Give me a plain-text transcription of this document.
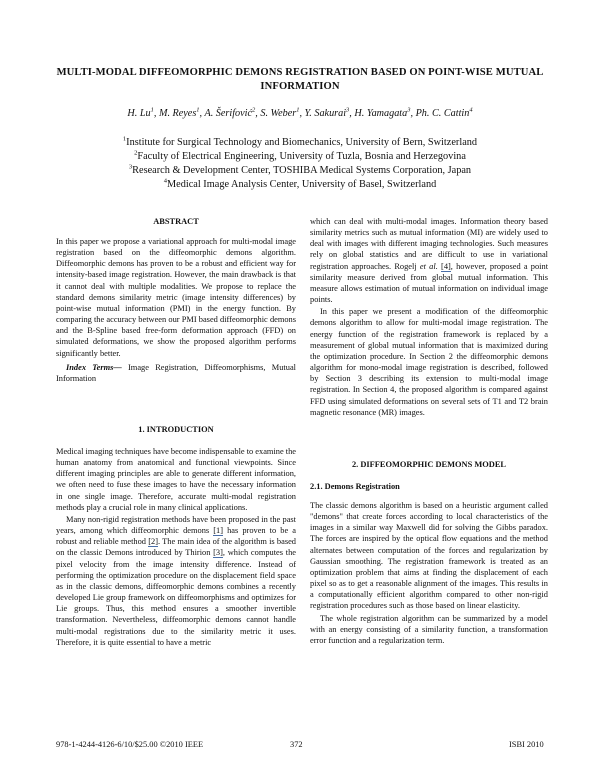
MULTI-MODAL DIFFEOMORPHIC DEMONS REGISTRATION BASED ON POINT-WISE MUTUAL INFORMATION
H. Lu$^1$, M. Reyes$^1$, A. Šerifović$^2$, S. Weber$^1$, Y. Sakurai$^3$, H. Yamagata$^3$, Ph. C. Cattin$^4$
$^1$Institute for Surgical Technology and Biomechanics, University of Bern, Switzerland
$^2$Faculty of Electrical Engineering, University of Tuzla, Bosnia and Herzegovina
$^3$Research & Development Center, TOSHIBA Medical Systems Corporation, Japan
$^4$Medical Image Analysis Center, University of Basel, Switzerland
ABSTRACT

In this paper we propose a variational approach for multi-modal image registration based on the diffeomorphic demons algorithm. Diffeomorphic demons has proven to be a robust and efficient way for intensity-based image registration. However, the main drawback is that it cannot deal with multiple modalities. We propose to replace the standard demons similarity metric (image intensity differences) by point-wise mutual information (PMI) in the energy function. By comparing the accuracy between our PMI based diffeomorphic demons and the B-Spline based free-form deformation approach (FFD) on simulated deformations, we show the proposed algorithm performs significantly better.

Index Terms— Image Registration, Diffeomorphisms, Mutual Information

1. INTRODUCTION

Medical imaging techniques have become indispensable to examine the human anatomy from anatomical and functional viewpoints. Since different imaging principles are able to generate different information, we often need to fuse these images to have the necessary information in one single image. Therefore, accurate multi-modal registration methods play a crucial role in many clinical applications.

Many non-rigid registration methods have been proposed in the past years, among which diffeomorphic demons [1] has proven to be a robust and reliable method [2]. The main idea of the algorithm is based on the classic Demons introduced by Thirion [3], which computes the pixel velocity from the image intensity difference. Instead of performing the optimization procedure on the displacement field space as in the classic demons, diffeomorphic demons combines a recently developed Lie group framework on diffeomorphisms and optimizes for Lie groups. Thus, this method ensures a smoother invertible transformation. Nevertheless, diffeomorphic demons cannot handle multi-modal registrations due to the similarity metric it uses. Therefore, it is quite essential to have a metric

which can deal with multi-modal images. Information theory based similarity metrics such as mutual information (MI) are widely used to deal with images with different imaging technologies. Such measures rely on global statistics and are difficult to use in variational registration approaches. Rogelj et al. [4], however, proposed a point similarity measure derived from global mutual information. This measure allows estimation of mutual information on individual image points.

In this paper we present a modification of the diffeomorphic demons algorithm to allow for multi-modal image registration. The energy function of the registration framework is replaced by a measurement of global mutual information that is maximized during the optimization procedure. In Section 2 the diffeomorphic demons algorithm for mono-modal image registration is described, followed by Section 3 describing its extension to multi-modal image registration. In Section 4, the proposed algorithm is compared against FFD using simulated deformations on several sets of T1 and T2 brain magnetic resonance (MR) images.

2. DIFFEOMORPHIC DEMONS MODEL
2.1. Demons Registration

The classic demons algorithm is based on a heuristic argument called "demons" that create forces according to local characteristics of the images in a similar way Maxwell did for solving the Gibbs paradox. The forces are inspired by the optical flow equations and the method alternates between computation of the forces and regularization by Gaussian smoothing. The registration framework is treated as an optimization problem that aims at finding the displacement of each pixel so as to get a reasonable alignment of the images. This results in a computationally efficient algorithm compared to other non-rigid registration procedures such as those based on linear elasticity.

The whole registration algorithm can be summarized by a model with an energy consisting of a similarity function, a transformation error function and a regularization term.

978-1-4244-4126-6/10/$25.00 ©2010 IEEE	372	ISBI 2010
